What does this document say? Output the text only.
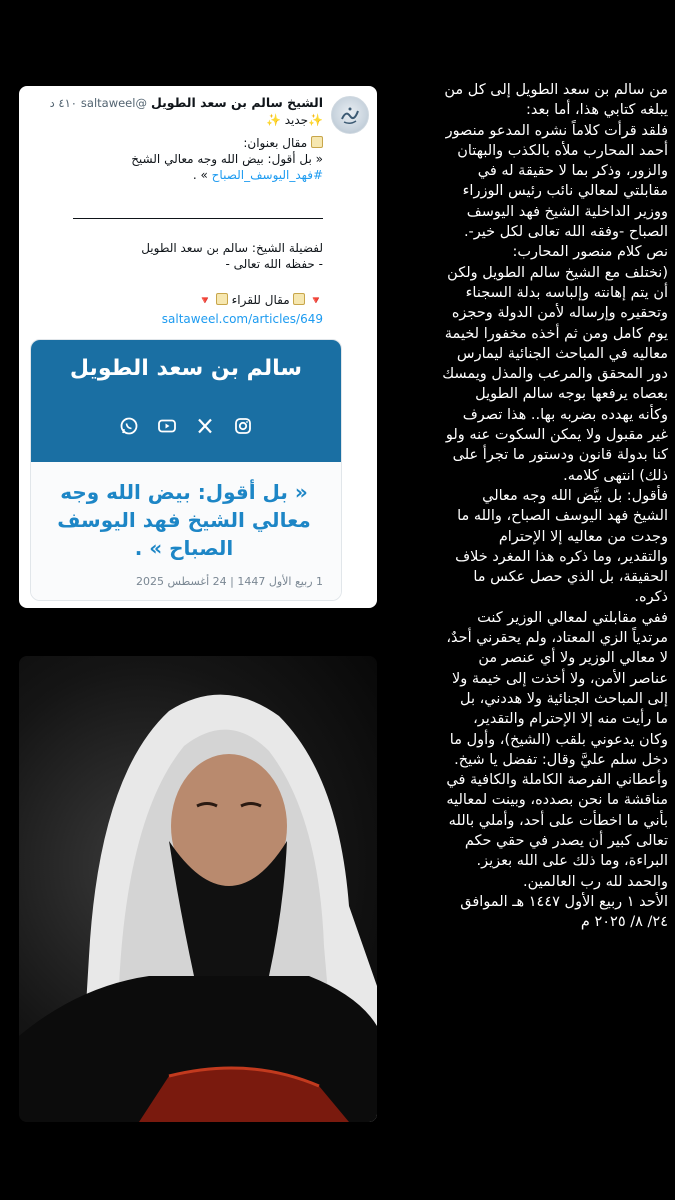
الشيخ سالم بن سعد الطويل @saltaweel ٤١٠ د
✨جديد ✨
مقال بعنوان:
« بل أقول: بيض الله وجه معالي الشيخ
#فهد_اليوسف_الصباح » .
لفضيلة الشيخ: سالم بن سعد الطويل
- حفظه الله تعالى -
🔻  مقال للقراء  🔻
saltaweel.com/articles/649
سالم بن سعد الطويل
« بل أقول: بيض الله وجه
معالي الشيخ فهد اليوسف
الصباح » .
1 ربيع الأول 1447 | 24 أغسطس 2025
من سالم بن سعد الطويل إلى كل من
يبلغه كتابي هذا، أما بعد:
فلقد قرأت كلاماً نشره المدعو منصور
أحمد المحارب ملأه بالكذب والبهتان
والزور، وذكر بما لا حقيقة له في
مقابلتي لمعالي نائب رئيس الوزراء
ووزير الداخلية الشيخ فهد اليوسف
الصباح -وفقه الله تعالى لكل خير-.
نص كلام منصور المحارب:
(نختلف مع الشيخ سالم الطويل ولكن
أن يتم إهانته وإلباسه بدلة السجناء
وتحقيره وإرساله لأمن الدولة وحجزه
يوم كامل ومن ثم أخذه مخفورا لخيمة
معاليه في المباحث الجنائية ليمارس
دور المحقق والمرعب والمذل ويمسك
بعصاه يرفعها بوجه سالم الطويل
وكأنه يهدده بضربه بها.. هذا تصرف
غير مقبول ولا يمكن السكوت عنه ولو
كنا بدولة قانون ودستور ما تجرأ على
ذلك) انتهى كلامه.
فأقول: بل بيَّض الله وجه معالي
الشيخ فهد اليوسف الصباح، والله ما
وجدت من معاليه إلا الإحترام
والتقدير، وما ذكره هذا المغرد خلاف
الحقيقة، بل الذي حصل عكس ما
ذكره.
ففي مقابلتي لمعالي الوزير كنت
مرتدياً الزي المعتاد، ولم يحقرني أحدٌ،
لا معالي الوزير ولا أي عنصر من
عناصر الأمن، ولا أخذت إلى خيمة ولا
إلى المباحث الجنائية ولا هددني، بل
ما رأيت منه إلا الإحترام والتقدير،
وكان يدعوني بلقب (الشيخ)، وأول ما
دخل سلم عليَّ وقال: تفضل يا شيخ.
وأعطاني الفرصة الكاملة والكافية في
مناقشة ما نحن بصدده، وبينت لمعاليه
بأني ما اخطأت على أحد، وأملي بالله
تعالى كبير أن يصدر في حقي حكم
البراءة، وما ذلك على الله بعزيز.
والحمد لله رب العالمين.
الأحد ١ ربيع الأول ١٤٤٧ هـ الموافق
٢٤/ ٨/ ٢٠٢٥ م
